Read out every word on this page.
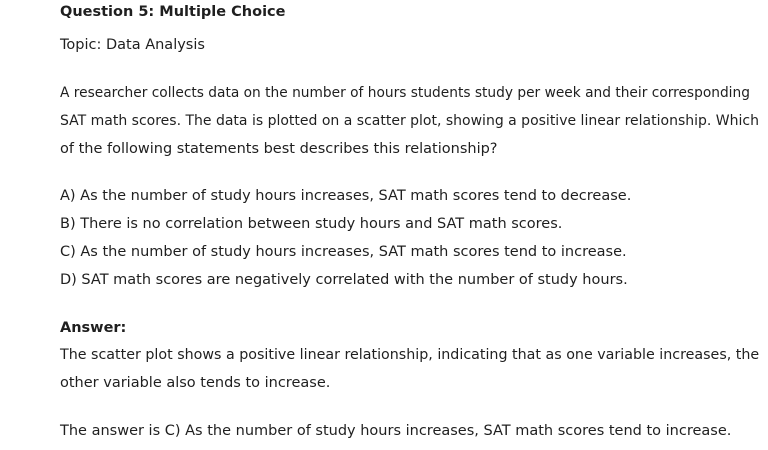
Question 5: Multiple Choice
Topic: Data Analysis
A researcher collects data on the number of hours students study per week and their corresponding
SAT math scores. The data is plotted on a scatter plot, showing a positive linear relationship. Which
of the following statements best describes this relationship?
A) As the number of study hours increases, SAT math scores tend to decrease.
B) There is no correlation between study hours and SAT math scores.
C) As the number of study hours increases, SAT math scores tend to increase.
D) SAT math scores are negatively correlated with the number of study hours.
Answer:
The scatter plot shows a positive linear relationship, indicating that as one variable increases, the
other variable also tends to increase.
The answer is C) As the number of study hours increases, SAT math scores tend to increase.
